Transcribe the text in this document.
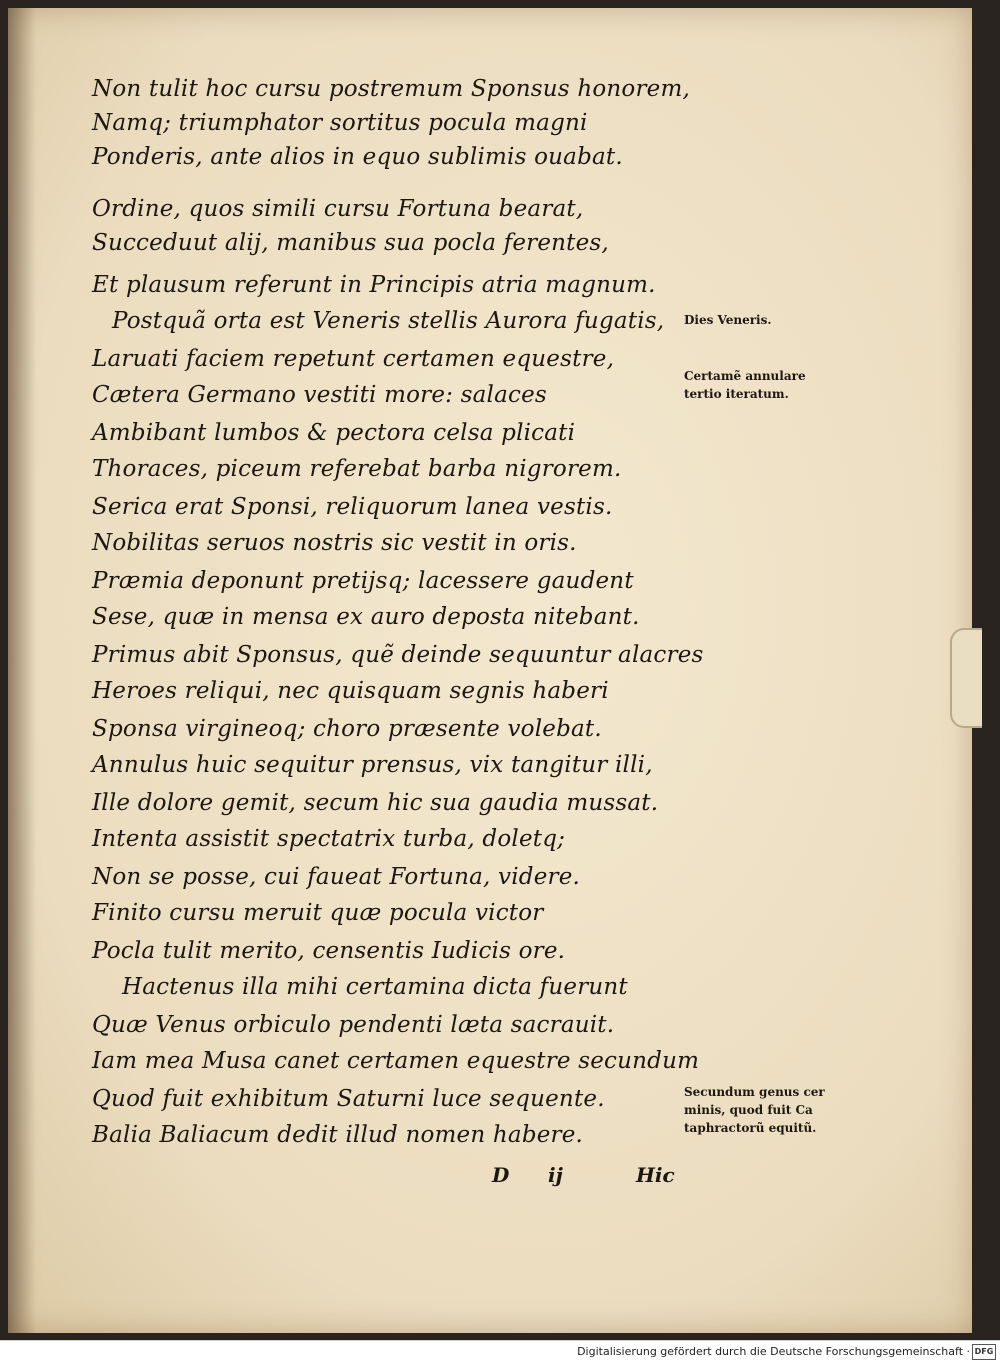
Non tulit hoc cursu postremum Sponsus honorem,
Namq; triumphator sortitus pocula magni
Ponderis, ante alios in equo sublimis ouabat.
Ordine, quos simili cursu Fortuna bearat,
Succeduut alij, manibus sua pocla ferentes,
Et plausum referunt in Principis atria magnum.
Postquã orta est Veneris stellis Aurora fugatis,
Laruati faciem repetunt certamen equestre,
Cætera Germano vestiti more: salaces
Ambibant lumbos & pectora celsa plicati
Thoraces, piceum referebat barba nigrorem.
Serica erat Sponsi, reliquorum lanea vestis.
Nobilitas seruos nostris sic vestit in oris.
Præmia deponunt pretijsq; lacessere gaudent
Sese, quæ in mensa ex auro deposta nitebant.
Primus abit Sponsus, quẽ deinde sequuntur alacres
Heroes reliqui, nec quisquam segnis haberi
Sponsa virgineoq; choro præsente volebat.
Annulus huic sequitur prensus, vix tangitur illi,
Ille dolore gemit, secum hic sua gaudia mussat.
Intenta assistit spectatrix turba, doletq;
Non se posse, cui faueat Fortuna, videre.
Finito cursu meruit quæ pocula victor
Pocla tulit merito, censentis Iudicis ore.
Hactenus illa mihi certamina dicta fuerunt
Quæ Venus orbiculo pendenti læta sacrauit.
Iam mea Musa canet certamen equestre secundum
Quod fuit exhibitum Saturni luce sequente.
Balia Baliacum dedit illud nomen habere.
Dies Veneris.
Certamẽ annulare
tertio iteratum.
Secundum genus cer
minis, quod fuit Ca
taphractorũ equitũ.
D ij	Hic
Digitalisierung gefördert durch die Deutsche Forschungsgemeinschaft · DFG
